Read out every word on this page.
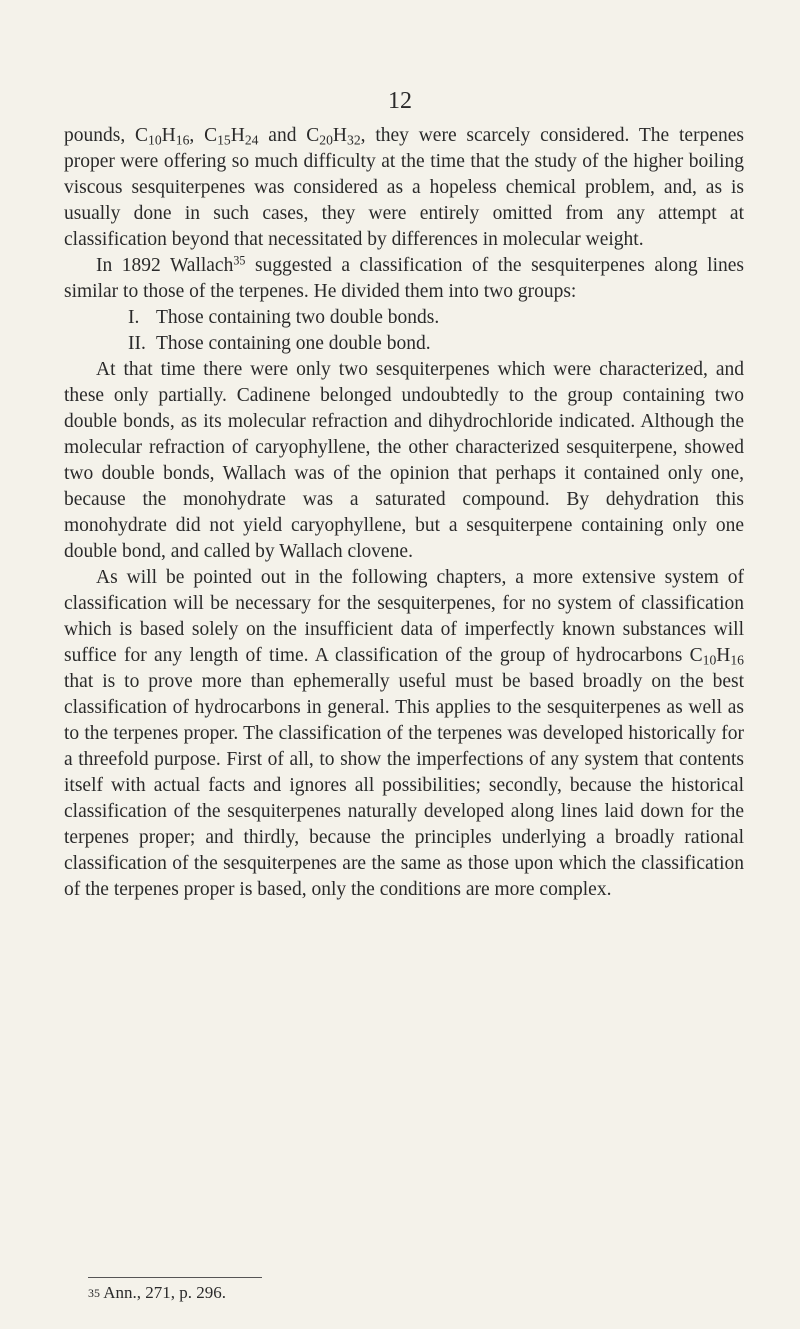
12

pounds, $C_{10}H_{16}$, $C_{15}H_{24}$ and $C_{20}H_{32}$, they were scarcely considered. The terpenes proper were offering so much difficulty at the time that the study of the higher boiling viscous sesquiterpenes was considered as a hopeless chemical problem, and, as is usually done in such cases, they were entirely omitted from any attempt at classification beyond that necessitated by differences in molecular weight.

In 1892 Wallach$^{35}$ suggested a classification of the sesquiterpenes along lines similar to those of the terpenes. He divided them into two groups:

I. Those containing two double bonds.

II. Those containing one double bond.

At that time there were only two sesquiterpenes which were characterized, and these only partially. Cadinene belonged undoubtedly to the group containing two double bonds, as its molecular refraction and dihydrochloride indicated. Although the molecular refraction of caryophyllene, the other characterized sesquiterpene, showed two double bonds, Wallach was of the opinion that perhaps it contained only one, because the monohydrate was a saturated compound. By dehydration this monohydrate did not yield caryophyllene, but a sesquiterpene containing only one double bond, and called by Wallach clovene.

As will be pointed out in the following chapters, a more extensive system of classification will be necessary for the sesquiterpenes, for no system of classification which is based solely on the insufficient data of imperfectly known substances will suffice for any length of time. A classification of the group of hydrocarbons $C_{10}H_{16}$ that is to prove more than ephemerally useful must be based broadly on the best classification of hydrocarbons in general. This applies to the sesquiterpenes as well as to the terpenes proper. The classification of the terpenes was developed historically for a threefold purpose. First of all, to show the imperfections of any system that contents itself with actual facts and ignores all possibilities; secondly, because the historical classification of the sesquiterpenes naturally developed along lines laid down for the terpenes proper; and thirdly, because the principles underlying a broadly rational classification of the sesquiterpenes are the same as those upon which the classification of the terpenes proper is based, only the conditions are more complex.

$^{35}$ Ann., 271, p. 296.
